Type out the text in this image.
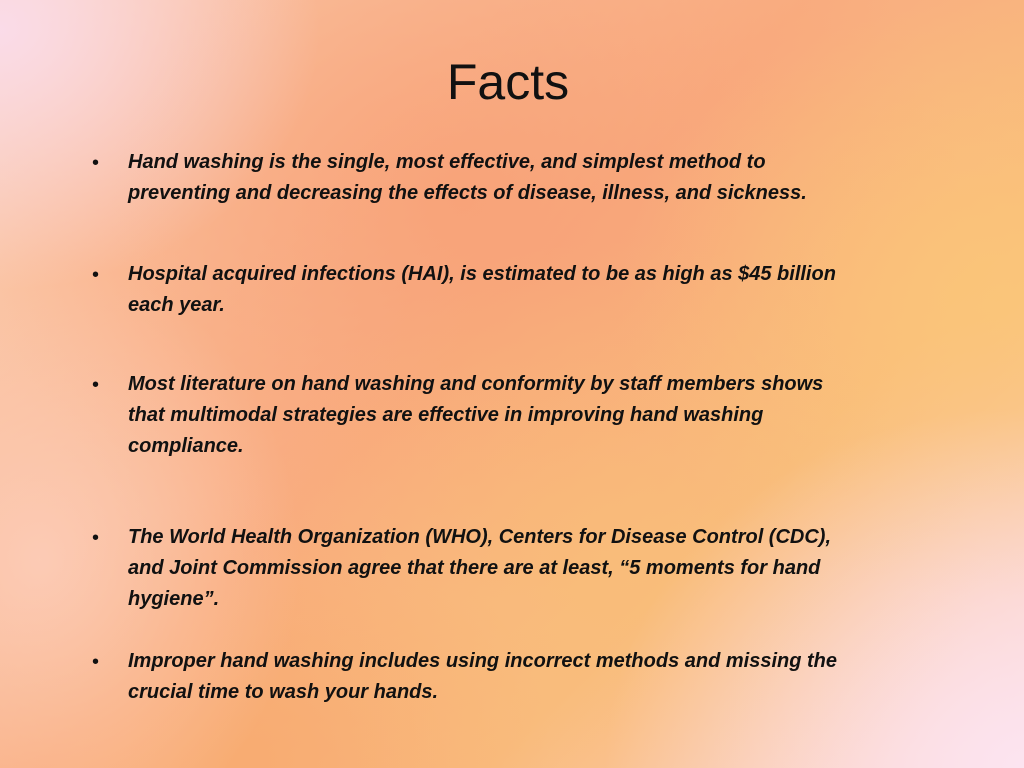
Facts
• Hand washing is the single, most effective, and simplest method to preventing and decreasing the effects of disease, illness, and sickness.
• Hospital acquired infections (HAI), is estimated to be as high as $45 billion each year.
• Most literature on hand washing and conformity by staff members shows that multimodal strategies are effective in improving hand washing compliance.
• The World Health Organization (WHO), Centers for Disease Control (CDC), and Joint Commission agree that there are at least, “5 moments for hand hygiene”.
• Improper hand washing includes using incorrect methods and missing the crucial time to wash your hands.
